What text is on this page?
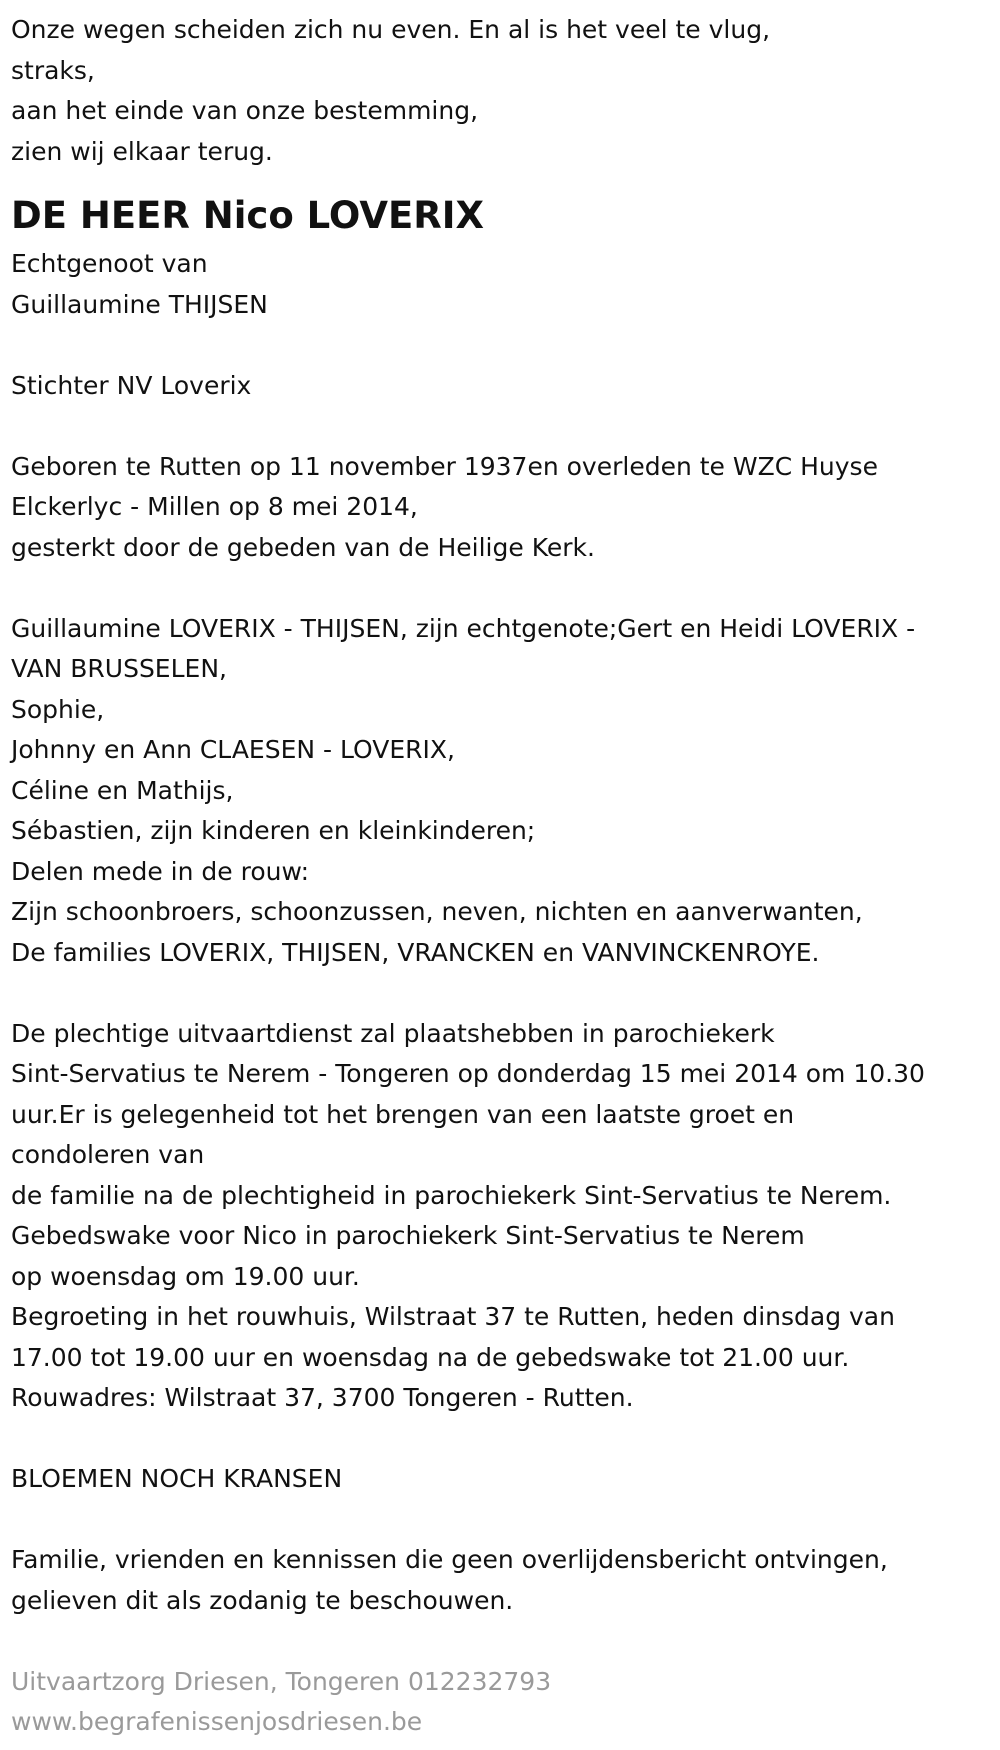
Onze wegen scheiden zich nu even. En al is het veel te vlug,
straks,
aan het einde van onze bestemming,
zien wij elkaar terug.
DE HEER Nico LOVERIX
Echtgenoot van
Guillaumine THIJSEN
Stichter NV Loverix
Geboren te Rutten op 11 november 1937en overleden te WZC Huyse
Elckerlyc - Millen op 8 mei 2014,
gesterkt door de gebeden van de Heilige Kerk.
Guillaumine LOVERIX - THIJSEN, zijn echtgenote;Gert en Heidi LOVERIX -
VAN BRUSSELEN,
Sophie,
Johnny en Ann CLAESEN - LOVERIX,
Céline en Mathijs,
Sébastien, zijn kinderen en kleinkinderen;
Delen mede in de rouw:
Zijn schoonbroers, schoonzussen, neven, nichten en aanverwanten,
De families LOVERIX, THIJSEN, VRANCKEN en VANVINCKENROYE.
De plechtige uitvaartdienst zal plaatshebben in parochiekerk
Sint-Servatius te Nerem - Tongeren op donderdag 15 mei 2014 om 10.30
uur.Er is gelegenheid tot het brengen van een laatste groet en
condoleren van
de familie na de plechtigheid in parochiekerk Sint-Servatius te Nerem.
Gebedswake voor Nico in parochiekerk Sint-Servatius te Nerem
op woensdag om 19.00 uur.
Begroeting in het rouwhuis, Wilstraat 37 te Rutten, heden dinsdag van
17.00 tot 19.00 uur en woensdag na de gebedswake tot 21.00 uur.
Rouwadres: Wilstraat 37, 3700 Tongeren - Rutten.
BLOEMEN NOCH KRANSEN
Familie, vrienden en kennissen die geen overlijdensbericht ontvingen,
gelieven dit als zodanig te beschouwen.
Uitvaartzorg Driesen, Tongeren 012232793
www.begrafenissenjosdriesen.be
